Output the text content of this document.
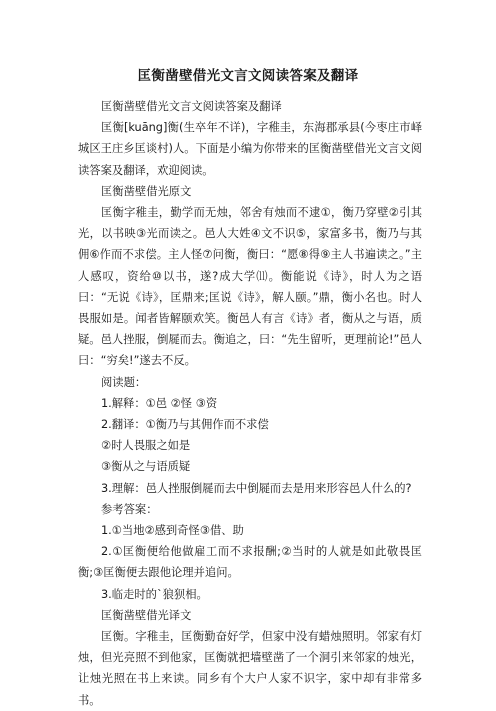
匡衡凿壁借光文言文阅读答案及翻译

匡衡凿壁借光文言文阅读答案及翻译

匡衡[kuāng]衡(生卒年不详)，字稚圭，东海郡承县(今枣庄市峄城区王庄乡匡谈村)人。下面是小编为你带来的匡衡凿壁借光文言文阅读答案及翻译，欢迎阅读。

匡衡凿壁借光原文

匡衡字稚圭，勤学而无烛，邻舍有烛而不逮①，衡乃穿壁②引其光，以书映③光而读之。邑人大姓④文不识⑤，家富多书，衡乃与其佣⑥作而不求偿。主人怪⑦问衡，衡曰：“愿⑧得⑨主人书遍读之。”主人感叹，资给⑩以书，遂?成大学⑾。衡能说《诗》，时人为之语曰：“无说《诗》，匡鼎来;匡说《诗》，解人颐。”鼎，衡小名也。时人畏服如是。闻者皆解颐欢笑。衡邑人有言《诗》者，衡从之与语，质疑。邑人挫服，倒屣而去。衡追之，曰：“先生留听，更理前论!”邑人曰：“穷矣!”遂去不反。

阅读题：

1.解释：①邑 ②怪 ③资

2.翻译：①衡乃与其佣作而不求偿

②时人畏服之如是

③衡从之与语质疑

3.理解：邑人挫服倒屣而去中倒屣而去是用来形容邑人什么的?

参考答案：

1.①当地②感到奇怪③借、助

2.①匡衡便给他做雇工而不求报酬;②当时的人就是如此敬畏匡衡;③匡衡便去跟他论理并追问。

3.临走时的`狼狈相。

匡衡凿壁借光译文

匡衡。字稚圭，匡衡勤奋好学，但家中没有蜡烛照明。邻家有灯烛，但光亮照不到他家，匡衡就把墙壁凿了一个洞引来邻家的烛光，让烛光照在书上来读。同乡有个大户人家不识字，家中却有非常多书。
